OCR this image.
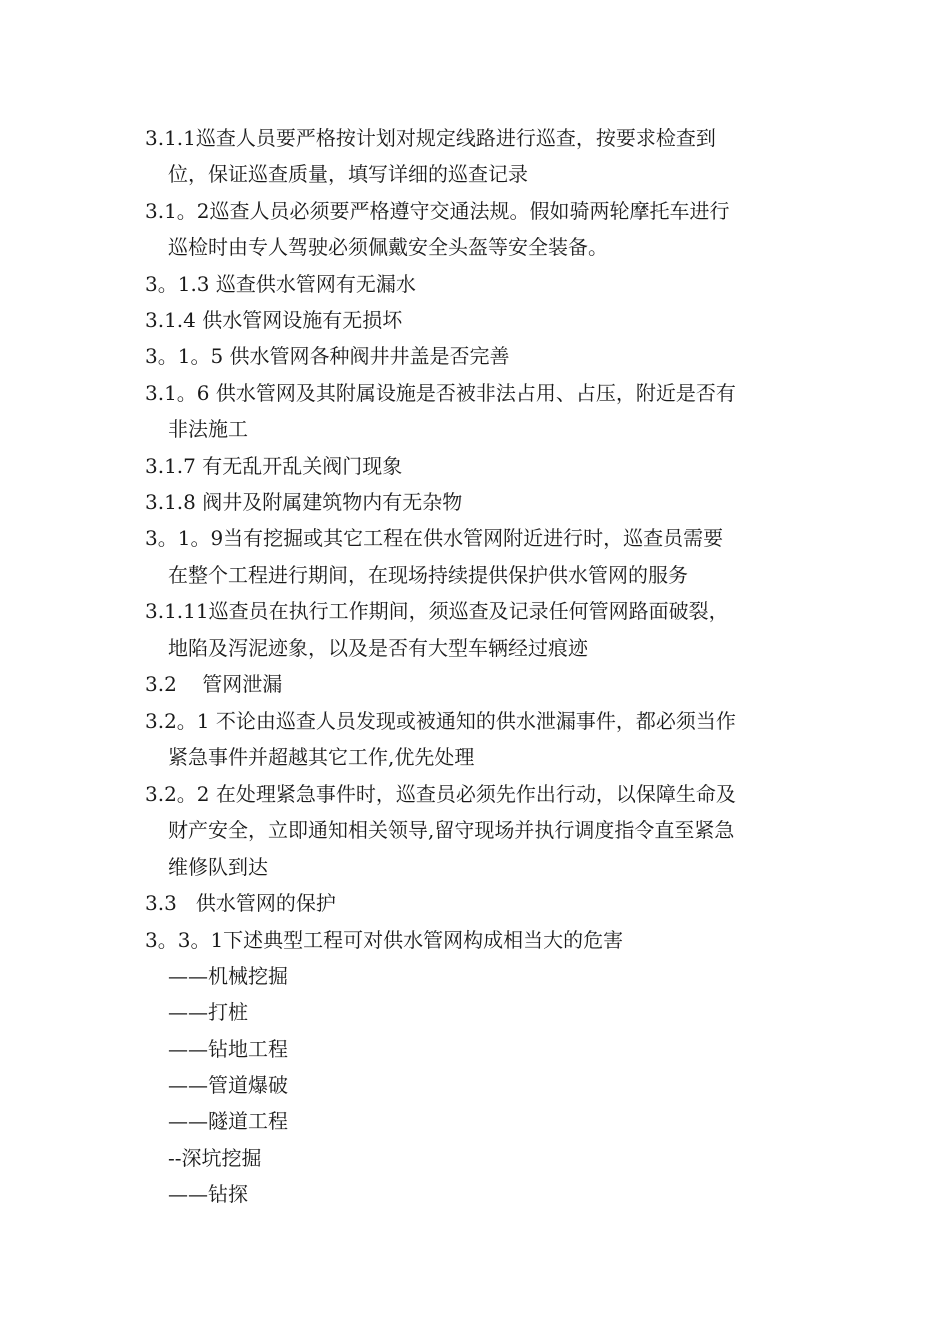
3.1.1巡查人员要严格按计划对规定线路进行巡查，按要求检查到
位，保证巡查质量，填写详细的巡查记录
3.1。2巡查人员必须要严格遵守交通法规。假如骑两轮摩托车进行
巡检时由专人驾驶必须佩戴安全头盔等安全装备。
3。1.3 巡查供水管网有无漏水
3.1.4 供水管网设施有无损坏
3。1。5 供水管网各种阀井井盖是否完善
3.1。6 供水管网及其附属设施是否被非法占用、占压，附近是否有
非法施工
3.1.7 有无乱开乱关阀门现象
3.1.8 阀井及附属建筑物内有无杂物
3。1。9当有挖掘或其它工程在供水管网附近进行时，巡查员需要
在整个工程进行期间，在现场持续提供保护供水管网的服务
3.1.11巡查员在执行工作期间，须巡查及记录任何管网路面破裂，
地陷及泻泥迹象，以及是否有大型车辆经过痕迹
3.2    管网泄漏
3.2。1 不论由巡查人员发现或被通知的供水泄漏事件，都必须当作
紧急事件并超越其它工作,优先处理
3.2。2 在处理紧急事件时，巡查员必须先作出行动，以保障生命及
财产安全，立即通知相关领导,留守现场并执行调度指令直至紧急
维修队到达
3.3   供水管网的保护
3。3。1下述典型工程可对供水管网构成相当大的危害
——机械挖掘
——打桩
——钻地工程
——管道爆破
——隧道工程
--深坑挖掘
——钻探
